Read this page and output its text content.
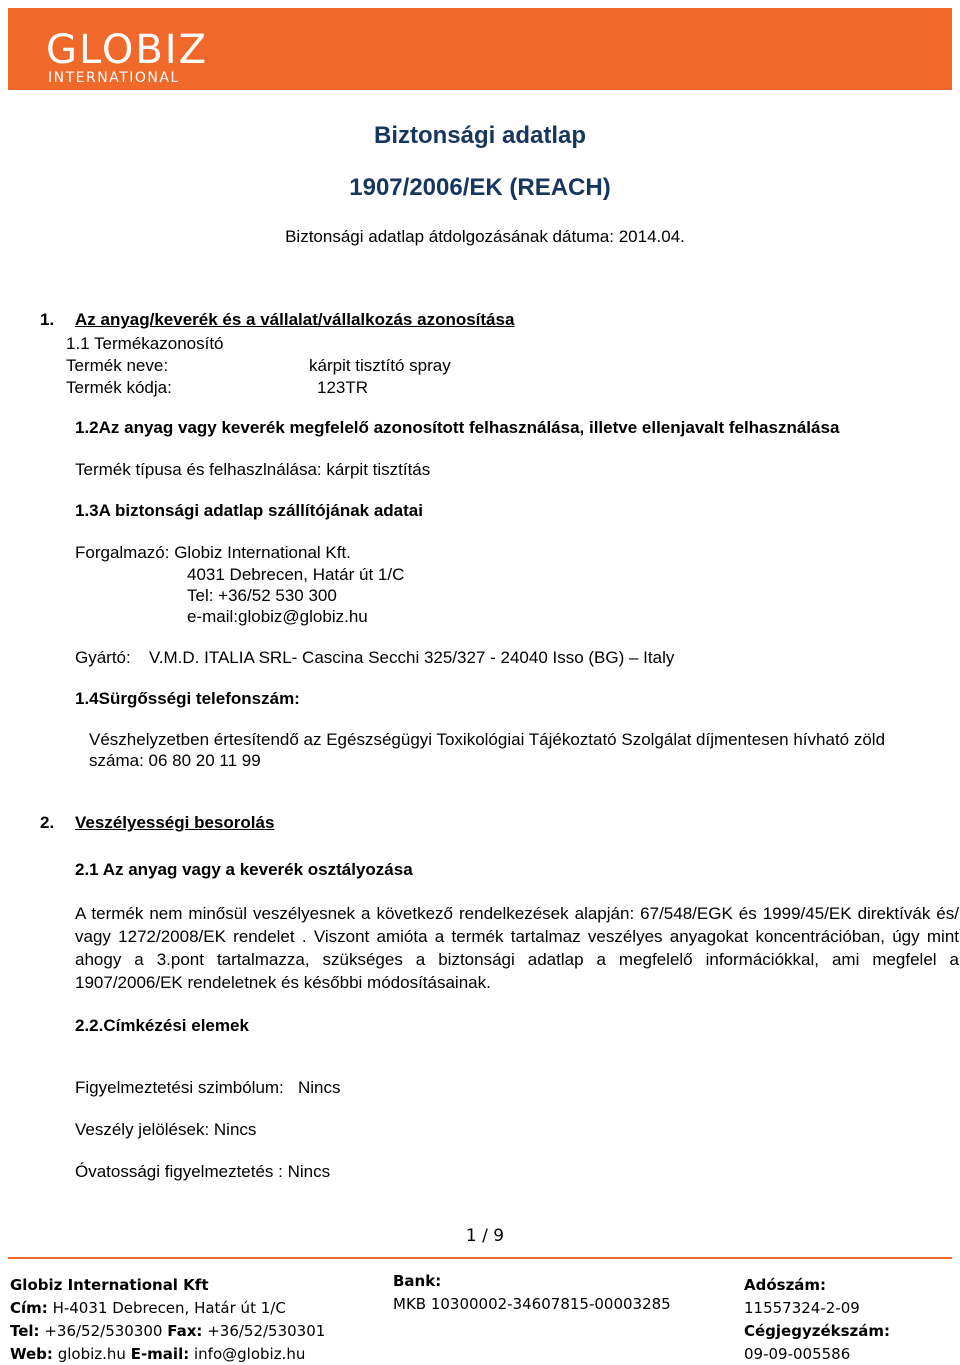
GLOBIZ
INTERNATIONAL
Biztonsági adatlap
1907/2006/EK (REACH)
Biztonsági adatlap átdolgozásának dátuma: 2014.04.
1. Az anyag/keverék és a vállalat/vállalkozás azonosítása
1.1 Termékazonosító
Termék neve:	kárpit tisztító spray
Termék kódja:	123TR
1.2Az anyag vagy keverék megfelelő azonosított felhasználása, illetve ellenjavalt felhasználása
Termék típusa és felhaszlnálása: kárpit tisztítás
1.3A biztonsági adatlap szállítójának adatai
Forgalmazó: Globiz International Kft.
4031 Debrecen, Határ út 1/C
Tel: +36/52 530 300
e-mail:globiz@globiz.hu
Gyártó: V.M.D. ITALIA SRL- Cascina Secchi 325/327 - 24040 Isso (BG) – Italy
1.4Sürgősségi telefonszám:
Vészhelyzetben értesítendő az Egészségügyi Toxikológiai Tájékoztató Szolgálat díjmentesen hívható zöld
száma: 06 80 20 11 99
2. Veszélyességi besorolás
2.1 Az anyag vagy a keverék osztályozása
A termék nem minősül veszélyesnek a következő rendelkezések alapján: 67/548/EGK és 1999/45/EK direktívák és/ vagy 1272/2008/EK rendelet . Viszont amióta a termék tartalmaz veszélyes anyagokat koncentrációban, úgy mint ahogy a 3.pont tartalmazza, szükséges a biztonsági adatlap a megfelelő információkkal, ami megfelel a 1907/2006/EK rendeletnek és későbbi módosításainak.
2.2.Címkézési elemek
Figyelmeztetési szimbólum:   Nincs
Veszély jelölések: Nincs
Óvatossági figyelmeztetés : Nincs
1 / 9
Globiz International Kft
Cím: H-4031 Debrecen, Határ út 1/C
Tel: +36/52/530300 Fax: +36/52/530301
Web: globiz.hu E-mail: info@globiz.hu
Bank:
MKB 10300002-34607815-00003285
Adószám:
11557324-2-09
Cégjegyzékszám:
09-09-005586
